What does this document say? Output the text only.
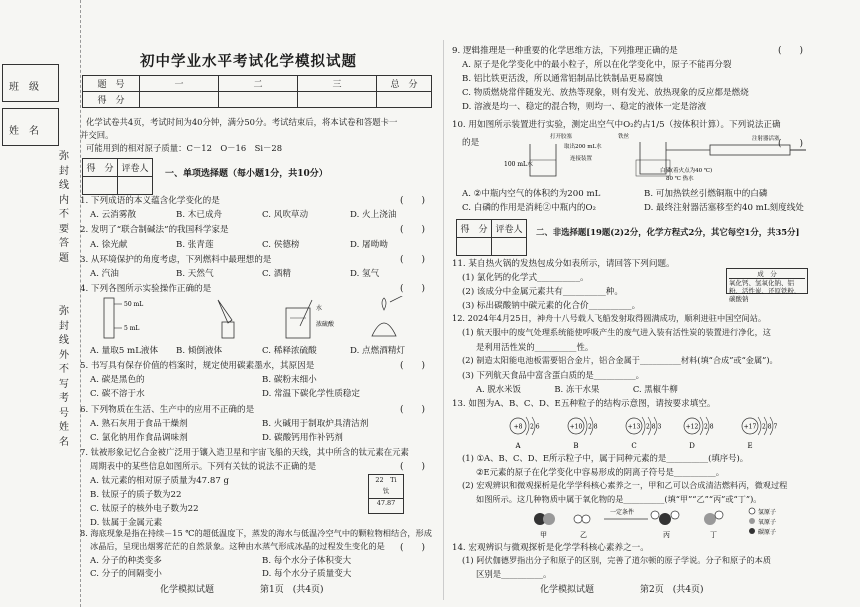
班　级
姓　名
弥封线内不要答题
弥封线外不写考号姓名
初中学业水平考试化学模拟试题
题　号	一	二	三	总　分
得　分				
化学试卷共4页，考试时间为40分钟，满分50分。考试结束后，将本试卷和答题卡一
并交回。
可能用到的相对原子质量：C－12　O－16　Si－28
得　分	评卷人
	一、单项选择题（每小题1分，共10分）
1. 下列成语的本义蕴含化学变化的是	(　　)
A. 云消雾散	B. 木已成舟	C. 风吹草动	D. 火上浇油
2. 发明了“联合制碱法”的我国科学家是	(　　)
A. 徐光献	B. 张青莲	C. 侯德榜	D. 屠呦呦
3. 从环境保护的角度考虑，下列燃料中最理想的是	(　　)
A. 汽油	B. 天然气	C. 酒精	D. 氢气
4. 下列各图所示实验操作正确的是	(　　)
50 mL
5 mL
水
浓硫酸
A. 量取5 mL液体 B. 倾倒液体	C. 稀释浓硫酸	D. 点燃酒精灯
5. 书写具有保存价值的档案时，规定使用碳素墨水，其原因是	(　　)
A. 碳是黑色的	B. 碳粉末细小
C. 碳不溶于水	D. 常温下碳化学性质稳定
6. 下列物质在生活、生产中的应用不正确的是	(　　)
A. 熟石灰用于食品干燥剂	B. 火碱用于制取炉具清洁剂
C. 氯化钠用作食品调味剂	D. 碳酸钙用作补钙剂
7. 钛被形象记忆合金被广泛用于镶入造卫星和宇宙飞船的天线，其中所含的钛元素在元素
周期表中的某些信息如图所示。下列有关钛的说法不正确的是	(　　)
A. 钛元素的相对原子质量为47.87 g
B. 钛原子的质子数为22
C. 钛原子的核外电子数为22
D. 钛属于金属元素
22　Ti
钛
47.87
8. 海底现象是指在持续－15 ℃的超低温度下，蒸发的海水与低温冷空气中的颗粒物相结合，形成
冰晶后，呈现出烟雾茫茫的自然景象。这种由水蒸气形成冰晶的过程发生变化的是 (　　)
A. 分子的种类变多	B. 每个水分子体积变大
C. 分子的间隔变小	D. 每个水分子质量变大
化学模拟试题	第1页　(共4页)
9. 逻辑推理是一种重要的化学思维方法，下列推理正确的是	(　　)
A. 原子是化学变化中的最小粒子，所以在化学变化中，原子不能再分裂
B. 铝比铁更活泼，所以通常铝制品比铁制品更易腐蚀
C. 物质燃烧常伴随发光、放热等现象，则有发光、放热现象的反应都是燃烧
D. 溶液是均一、稳定的混合物，则均一、稳定的液体一定是溶液
10. 用如图所示装置进行实验，测定出空气中O₂约占1/5（按体积计算）。下列说法正确
的是	(　　)
100 mL水
打开胶塞
取出200 mL水
连接装置
铁丝
白磷(着火点为40 ℃)
80 ℃ 热水
注射器活塞
A. ②中瓶内空气的体积约为200 mL	B. 可加热铁丝引燃铜瓶中的白磷
C. 白磷的作用是消耗②中瓶内的O₂	D. 最终注射器活塞移至约40 mL刻度线处
得　分	评卷人
	二、非选择题[19题(2)2分，化学方程式2分，其它每空1分，共35分]
11. 某自热火锅的发热包成分如表所示，请回答下列问题。
(1) 氯化钙的化学式__________。
(2) 该成分中金属元素共有__________种。
(3) 标出碳酸钠中碳元素的化合价__________。
成　分
氧化钙、氢氧化钠、铝粉、活性炭、还原铁粉、碳酸钠
12. 2024年4月25日，神舟十八号载人飞船发射取得圆满成功，顺利进驻中国空间站。
(1) 航天服中的废气处理系统能使呼吸产生的废气进入装有活性炭的装置进行净化，这
是利用活性炭的__________性。
(2) 制造太阳能电池板需要铝合金片，铝合金属于__________材料(填“合成”或“金属”)。
(3) 下列航天食品中富含蛋白质的是__________。
A. 脱水米饭　　　　B. 冻干水果　　　　C. 黑椒牛柳
13. 如图为A、B、C、D、E五种粒子的结构示意图，请按要求填空。
+8 2 6
A
+10 2 8
B
+13 2 8 3
C
+12 2 8
D
+17 2 8 7
E
(1) ①A、B、C、D、E所示粒子中，属于同种元素的是__________(填序号)。
②E元素的原子在化学变化中容易形成的阴离子符号是__________。
(2) 宏观辨识和微观探析是化学学科核心素养之一，甲和乙可以合成清洁燃料丙，微观过程
如图所示。这几种物质中属于氧化物的是__________(填“甲”“乙”“丙”或“丁”)。
一定条件
甲	乙	丙	丁
氢原子
氧原子
碳原子
14. 宏观辨识与微观探析是化学学科核心素养之一。
(1) 阿伏伽德罗指出分子和原子的区别，完善了道尔顿的原子学说。分子和原子的本质
区别是__________。
化学模拟试题	第2页　(共4页)
